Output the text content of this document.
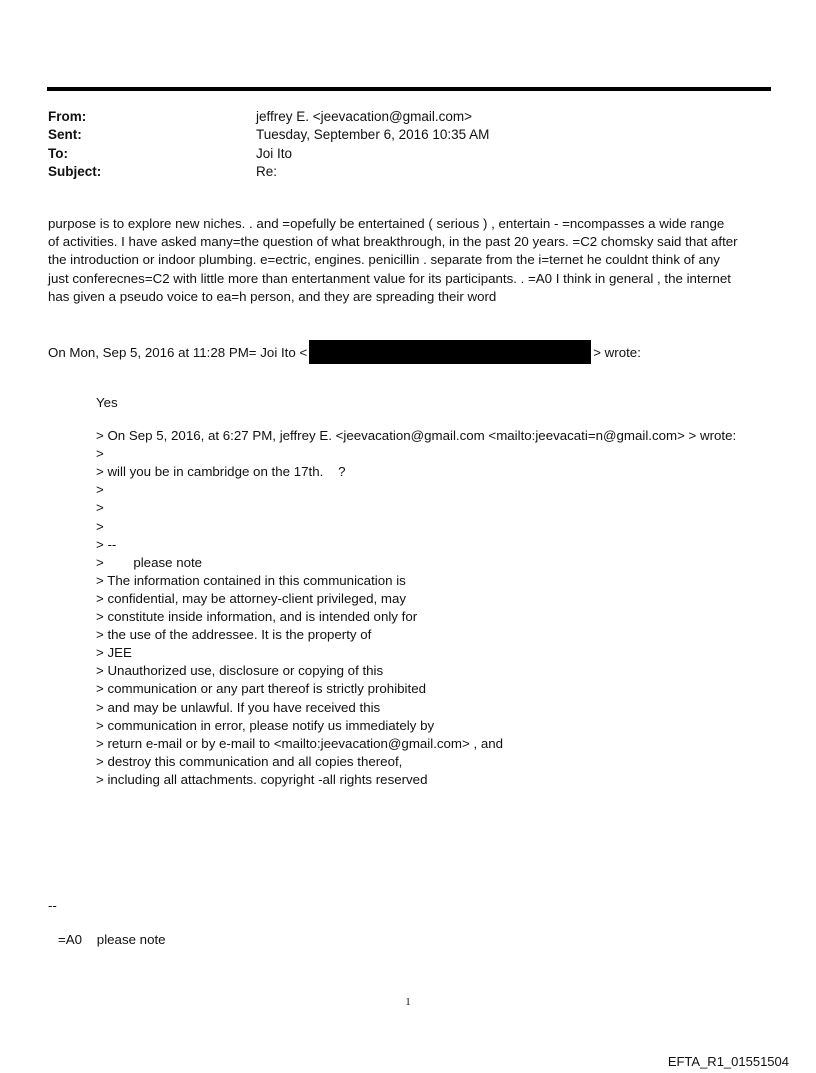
From:	jeffrey E. <jeevacation@gmail.com>
Sent:	Tuesday, September 6, 2016 10:35 AM
To:	Joi Ito
Subject:	Re:
purpose is to explore new niches. . and =opefully be entertained ( serious ) , entertain - =ncompasses a wide range
of activities. I have asked many=the question of what breakthrough, in the past 20 years. =C2 chomsky said that after
the introduction or indoor plumbing. e=ectric, engines. penicillin . separate from the i=ternet he couldnt think of any
just conferecnes=C2 with little more than entertanment value for its participants. . =A0 I think in general , the internet
has given a pseudo voice to ea=h person, and they are spreading their word
On Mon, Sep 5, 2016 at 11:28 PM= Joi Ito <	> wrote:
Yes
> On Sep 5, 2016, at 6:27 PM, jeffrey E. <jeevacation@gmail.com <mailto:jeevacati=n@gmail.com> > wrote:
>
> will you be in cambridge on the 17th.    ?
>
>
>
> --
>        please note
> The information contained in this communication is
> confidential, may be attorney-client privileged, may
> constitute inside information, and is intended only for
> the use of the addressee. It is the property of
> JEE
> Unauthorized use, disclosure or copying of this
> communication or any part thereof is strictly prohibited
> and may be unlawful. If you have received this
> communication in error, please notify us immediately by
> return e-mail or by e-mail to <mailto:jeevacation@gmail.com> , and
> destroy this communication and all copies thereof,
> including all attachments. copyright -all rights reserved
--
=A0    please note
1
EFTA_R1_01551504
